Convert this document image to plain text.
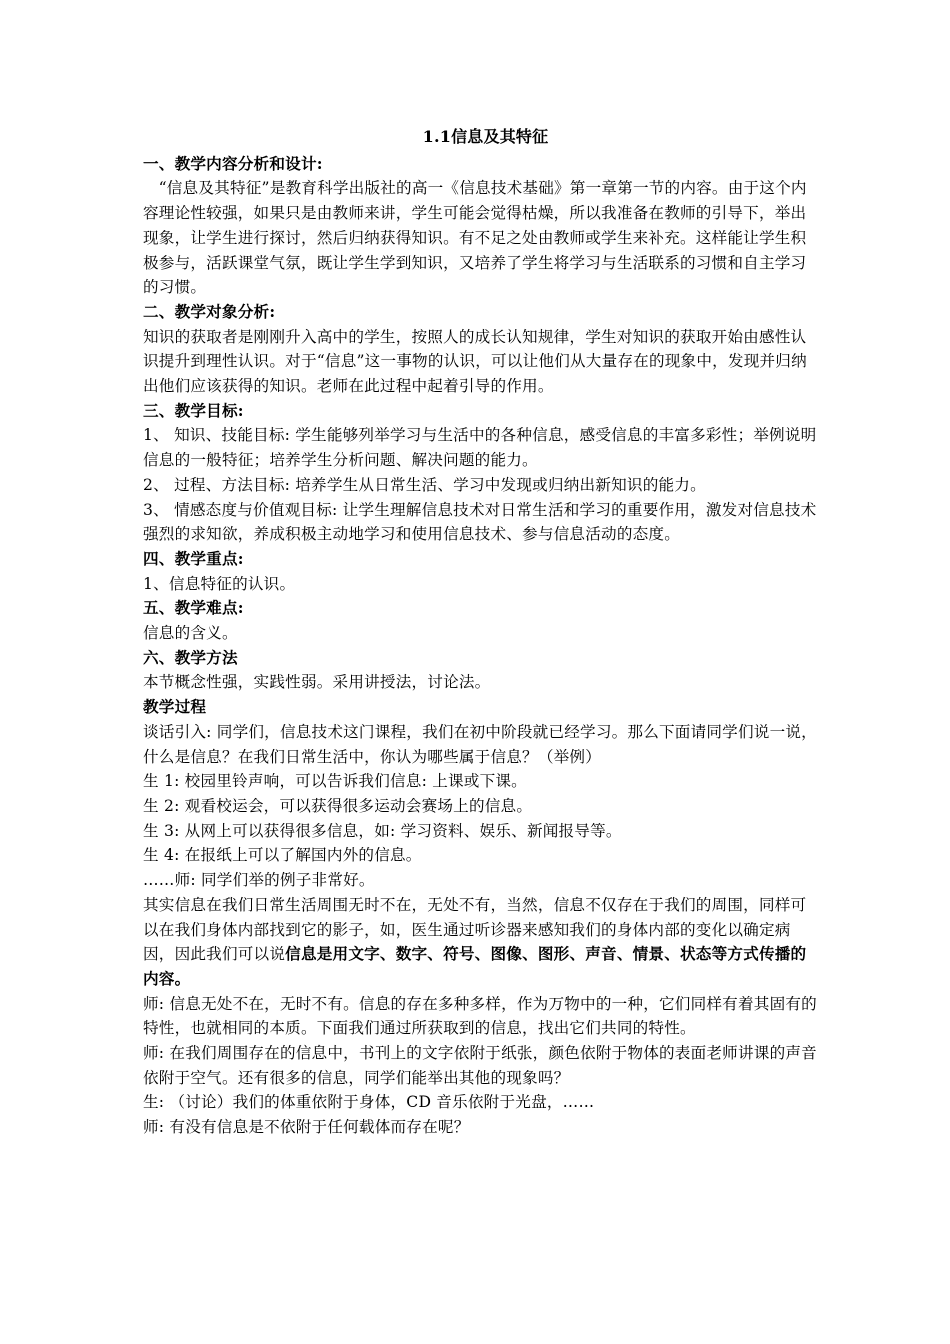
1.1信息及其特征

一、教学内容分析和设计:

“信息及其特征”是教育科学出版社的高一《信息技术基础》第一章第一节的内容。由于这个内容理论性较强，如果只是由教师来讲，学生可能会觉得枯燥，所以我准备在教师的引导下，举出现象，让学生进行探讨，然后归纳获得知识。有不足之处由教师或学生来补充。这样能让学生积极参与，活跃课堂气氛，既让学生学到知识，又培养了学生将学习与生活联系的习惯和自主学习的习惯。

二、教学对象分析:

知识的获取者是刚刚升入高中的学生，按照人的成长认知规律，学生对知识的获取开始由感性认识提升到理性认识。对于“信息”这一事物的认识，可以让他们从大量存在的现象中，发现并归纳出他们应该获得的知识。老师在此过程中起着引导的作用。

三、教学目标:

1、 知识、技能目标: 学生能够列举学习与生活中的各种信息，感受信息的丰富多彩性；举例说明信息的一般特征；培养学生分析问题、解决问题的能力。

2、 过程、方法目标: 培养学生从日常生活、学习中发现或归纳出新知识的能力。

3、 情感态度与价值观目标: 让学生理解信息技术对日常生活和学习的重要作用，激发对信息技术强烈的求知欲，养成积极主动地学习和使用信息技术、参与信息活动的态度。

四、教学重点:

1、信息特征的认识。

五、教学难点:

信息的含义。

六、教学方法

本节概念性强，实践性弱。采用讲授法，讨论法。

教学过程

谈话引入: 同学们，信息技术这门课程，我们在初中阶段就已经学习。那么下面请同学们说一说，什么是信息？在我们日常生活中，你认为哪些属于信息？（举例）

生 1: 校园里铃声响，可以告诉我们信息: 上课或下课。

生 2: 观看校运会，可以获得很多运动会赛场上的信息。

生 3: 从网上可以获得很多信息，如: 学习资料、娱乐、新闻报导等。

生 4: 在报纸上可以了解国内外的信息。

……师: 同学们举的例子非常好。

其实信息在我们日常生活周围无时不在，无处不有，当然，信息不仅存在于我们的周围，同样可以在我们身体内部找到它的影子，如，医生通过听诊器来感知我们的身体内部的变化以确定病因，因此我们可以说信息是用文字、数字、符号、图像、图形、声音、情景、状态等方式传播的内容。

师: 信息无处不在，无时不有。信息的存在多种多样，作为万物中的一种，它们同样有着其固有的特性，也就相同的本质。下面我们通过所获取到的信息，找出它们共同的特性。

师: 在我们周围存在的信息中，书刊上的文字依附于纸张，颜色依附于物体的表面老师讲课的声音依附于空气。还有很多的信息，同学们能举出其他的现象吗？

生: （讨论）我们的体重依附于身体，CD 音乐依附于光盘，……

师: 有没有信息是不依附于任何载体而存在呢？
